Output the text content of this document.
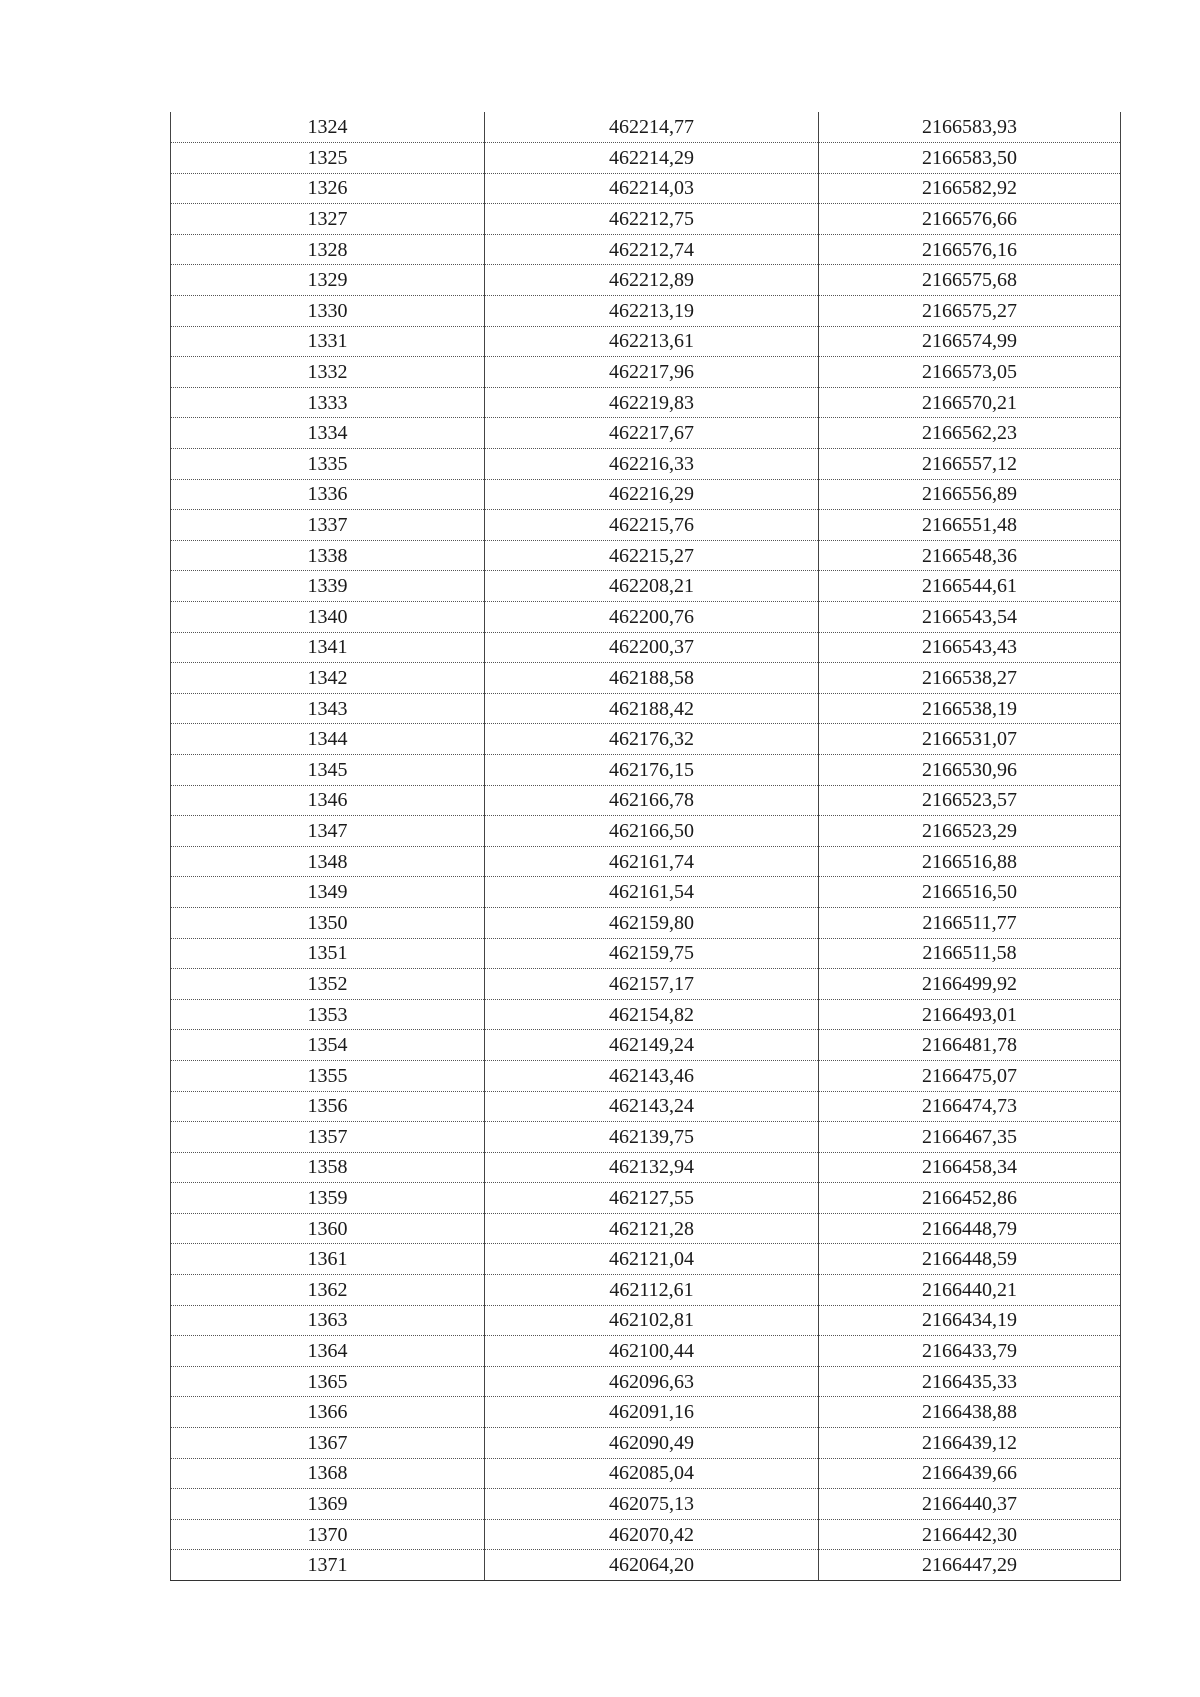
1324	462214,77	2166583,93
1325	462214,29	2166583,50
1326	462214,03	2166582,92
1327	462212,75	2166576,66
1328	462212,74	2166576,16
1329	462212,89	2166575,68
1330	462213,19	2166575,27
1331	462213,61	2166574,99
1332	462217,96	2166573,05
1333	462219,83	2166570,21
1334	462217,67	2166562,23
1335	462216,33	2166557,12
1336	462216,29	2166556,89
1337	462215,76	2166551,48
1338	462215,27	2166548,36
1339	462208,21	2166544,61
1340	462200,76	2166543,54
1341	462200,37	2166543,43
1342	462188,58	2166538,27
1343	462188,42	2166538,19
1344	462176,32	2166531,07
1345	462176,15	2166530,96
1346	462166,78	2166523,57
1347	462166,50	2166523,29
1348	462161,74	2166516,88
1349	462161,54	2166516,50
1350	462159,80	2166511,77
1351	462159,75	2166511,58
1352	462157,17	2166499,92
1353	462154,82	2166493,01
1354	462149,24	2166481,78
1355	462143,46	2166475,07
1356	462143,24	2166474,73
1357	462139,75	2166467,35
1358	462132,94	2166458,34
1359	462127,55	2166452,86
1360	462121,28	2166448,79
1361	462121,04	2166448,59
1362	462112,61	2166440,21
1363	462102,81	2166434,19
1364	462100,44	2166433,79
1365	462096,63	2166435,33
1366	462091,16	2166438,88
1367	462090,49	2166439,12
1368	462085,04	2166439,66
1369	462075,13	2166440,37
1370	462070,42	2166442,30
1371	462064,20	2166447,29
